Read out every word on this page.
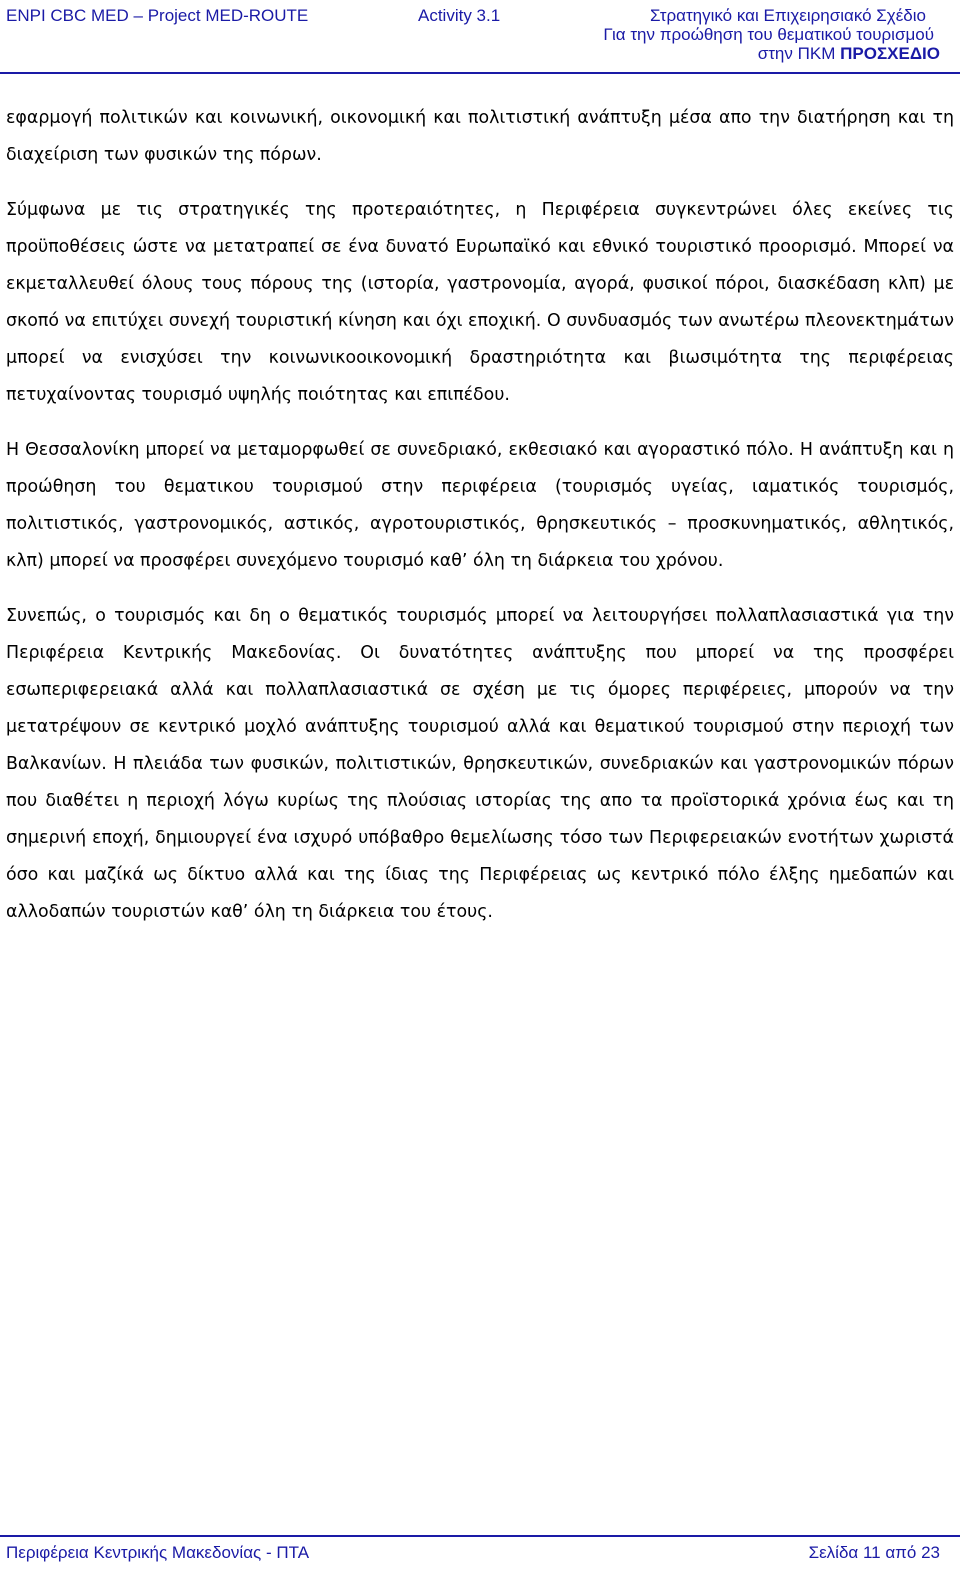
ENPI CBC MED – Project MED-ROUTE	Activity 3.1	Στρατηγικό και Επιχειρησιακό Σχέδιο
Για την προώθηση του θεματικού τουρισμού
στην ΠΚΜ ΠΡΟΣΧΕΔΙΟ

εφαρμογή πολιτικών και κοινωνική, οικονομική και πολιτιστική ανάπτυξη μέσα απο την διατήρηση και τη διαχείριση των φυσικών της πόρων.

Σύμφωνα με τις στρατηγικές της προτεραιότητες, η Περιφέρεια συγκεντρώνει όλες εκείνες τις προϋποθέσεις ώστε να μετατραπεί σε ένα δυνατό Ευρωπαϊκό και εθνικό τουριστικό προορισμό. Μπορεί να εκμεταλλευθεί όλους τους πόρους της (ιστορία, γαστρονομία, αγορά, φυσικοί πόροι, διασκέδαση κλπ) με σκοπό να επιτύχει συνεχή τουριστική κίνηση και όχι εποχική. Ο συνδυασμός των ανωτέρω πλεονεκτημάτων μπορεί να ενισχύσει την κοινωνικοοικονομική δραστηριότητα και βιωσιμότητα της περιφέρειας πετυχαίνοντας τουρισμό υψηλής ποιότητας και επιπέδου.

Η Θεσσαλονίκη μπορεί να μεταμορφωθεί σε συνεδριακό, εκθεσιακό και αγοραστικό πόλο. Η ανάπτυξη και η προώθηση του θεματικου τουρισμού στην περιφέρεια (τουρισμός υγείας, ιαματικός τουρισμός, πολιτιστικός, γαστρονομικός, αστικός, αγροτουριστικός, θρησκευτικός – προσκυνηματικός, αθλητικός, κλπ) μπορεί να προσφέρει συνεχόμενο τουρισμό καθ’ όλη τη διάρκεια του χρόνου.

Συνεπώς, ο τουρισμός και δη ο θεματικός τουρισμός μπορεί να λειτουργήσει πολλαπλασιαστικά για την Περιφέρεια Κεντρικής Μακεδονίας. Οι δυνατότητες ανάπτυξης που μπορεί να της προσφέρει εσωπεριφερειακά αλλά και πολλαπλασιαστικά σε σχέση με τις όμορες περιφέρειες, μπορούν να την μετατρέψουν σε κεντρικό μοχλό ανάπτυξης τουρισμού αλλά και θεματικού τουρισμού στην περιοχή των Βαλκανίων. Η πλειάδα των φυσικών, πολιτιστικών, θρησκευτικών, συνεδριακών και γαστρονομικών πόρων που διαθέτει η περιοχή λόγω κυρίως της πλούσιας ιστορίας της απο τα προϊστορικά χρόνια έως και τη σημερινή εποχή, δημιουργεί ένα ισχυρό υπόβαθρο θεμελίωσης τόσο των Περιφερειακών ενοτήτων χωριστά όσο και μαζίκά ως δίκτυο αλλά και της ίδιας της Περιφέρειας ως κεντρικό πόλο έλξης ημεδαπών και αλλοδαπών τουριστών καθ’ όλη τη διάρκεια του έτους.

Περιφέρεια Κεντρικής Μακεδονίας - ΠΤΑ	Σελίδα 11 από 23
